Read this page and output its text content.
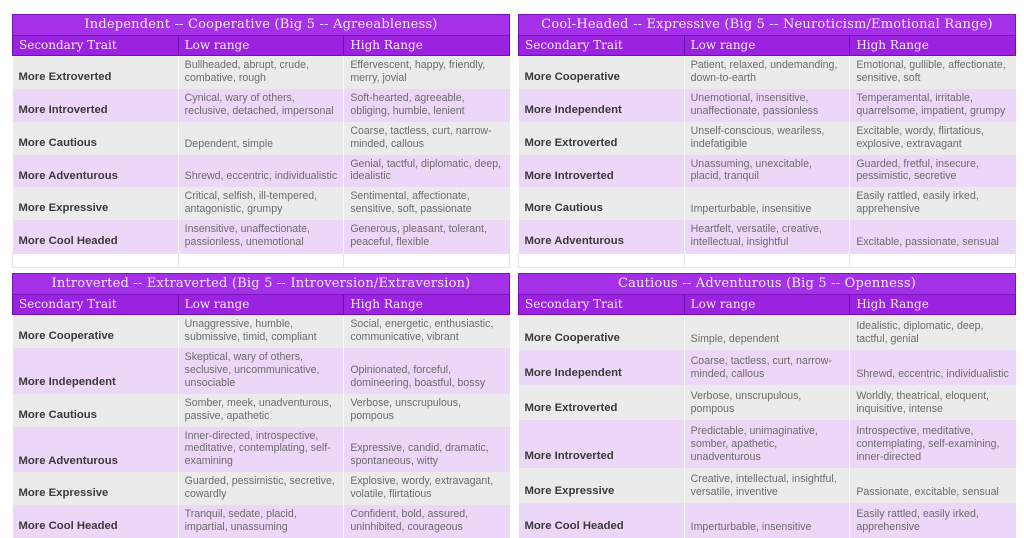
Independent -- Cooperative (Big 5 -- Agreeableness)		
Secondary Trait	Low range	High Range
More Extroverted	Bullheaded, abrupt, crude, combative, rough	Effervescent, happy, friendly, merry, jovial
More Introverted	Cynical, wary of others, reclusive, detached, impersonal	Soft-hearted, agreeable, obliging, humble, lenient
More Cautious	Dependent, simple	Coarse, tactless, curt, narrow-minded, callous
More Adventurous	Shrewd, eccentric, individualistic	Genial, tactful, diplomatic, deep, idealistic
More Expressive	Critical, selfish, ill-tempered, antagonistic, grumpy	Sentimental, affectionate, sensitive, soft, passionate
More Cool Headed	Insensitive, unaffectionate, passionless, unemotional	Generous, pleasant, tolerant, peaceful, flexible

Cool-Headed -- Expressive (Big 5 -- Neuroticism/Emotional Range)		
Secondary Trait	Low range	High Range
More Cooperative	Patient, relaxed, undemanding, down-to-earth	Emotional, gullible, affectionate, sensitive, soft
More Independent	Unemotional, insensitive, unaffectionate, passionless	Temperamental, irritable, quarrelsome, impatient, grumpy
More Extroverted	Unself-conscious, weariless, indefatigible	Excitable, wordy, flirtatious, explosive, extravagant
More Introverted	Unassuming, unexcitable, placid, tranquil	Guarded, fretful, insecure, pessimistic, secretive
More Cautious	Imperturbable, insensitive	Easily rattled, easily irked, apprehensive
More Adventurous	Heartfelt, versatile, creative, intellectual, insightful	Excitable, passionate, sensual

Introverted -- Extraverted (Big 5 -- Introversion/Extraversion)		
Secondary Trait	Low range	High Range
More Cooperative	Unaggressive, humble, submissive, timid, compliant	Social, energetic, enthusiastic, communicative, vibrant
More Independent	Skeptical, wary of others, seclusive, uncommunicative, unsociable	Opinionated, forceful, domineering, boastful, bossy
More Cautious	Somber, meek, unadventurous, passive, apathetic	Verbose, unscrupulous, pompous
More Adventurous	Inner-directed, introspective, meditative, contemplating, self-examining	Expressive, candid, dramatic, spontaneous, witty
More Expressive	Guarded, pessimistic, secretive, cowardly	Explosive, wordy, extravagant, volatile, flirtatious
More Cool Headed	Tranquil, sedate, placid, impartial, unassuming	Confident, bold, assured, uninhibited, courageous
Cautious -- Adventurous (Big 5 -- Openness)		
Secondary Trait	Low range	High Range
More Cooperative	Simple, dependent	Idealistic, diplomatic, deep, tactful, genial
More Independent	Coarse, tactless, curt, narrow-minded, callous	Shrewd, eccentric, individualistic
More Extroverted	Verbose, unscrupulous, pompous	Worldly, theatrical, eloquent, inquisitive, intense
More Introverted	Predictable, unimaginative, somber, apathetic, unadventurous	Introspective, meditative, contemplating, self-examining, inner-directed
More Expressive	Creative, intellectual, insightful, versatile, inventive	Passionate, excitable, sensual
More Cool Headed	Imperturbable, insensitive	Easily rattled, easily irked, apprehensive
